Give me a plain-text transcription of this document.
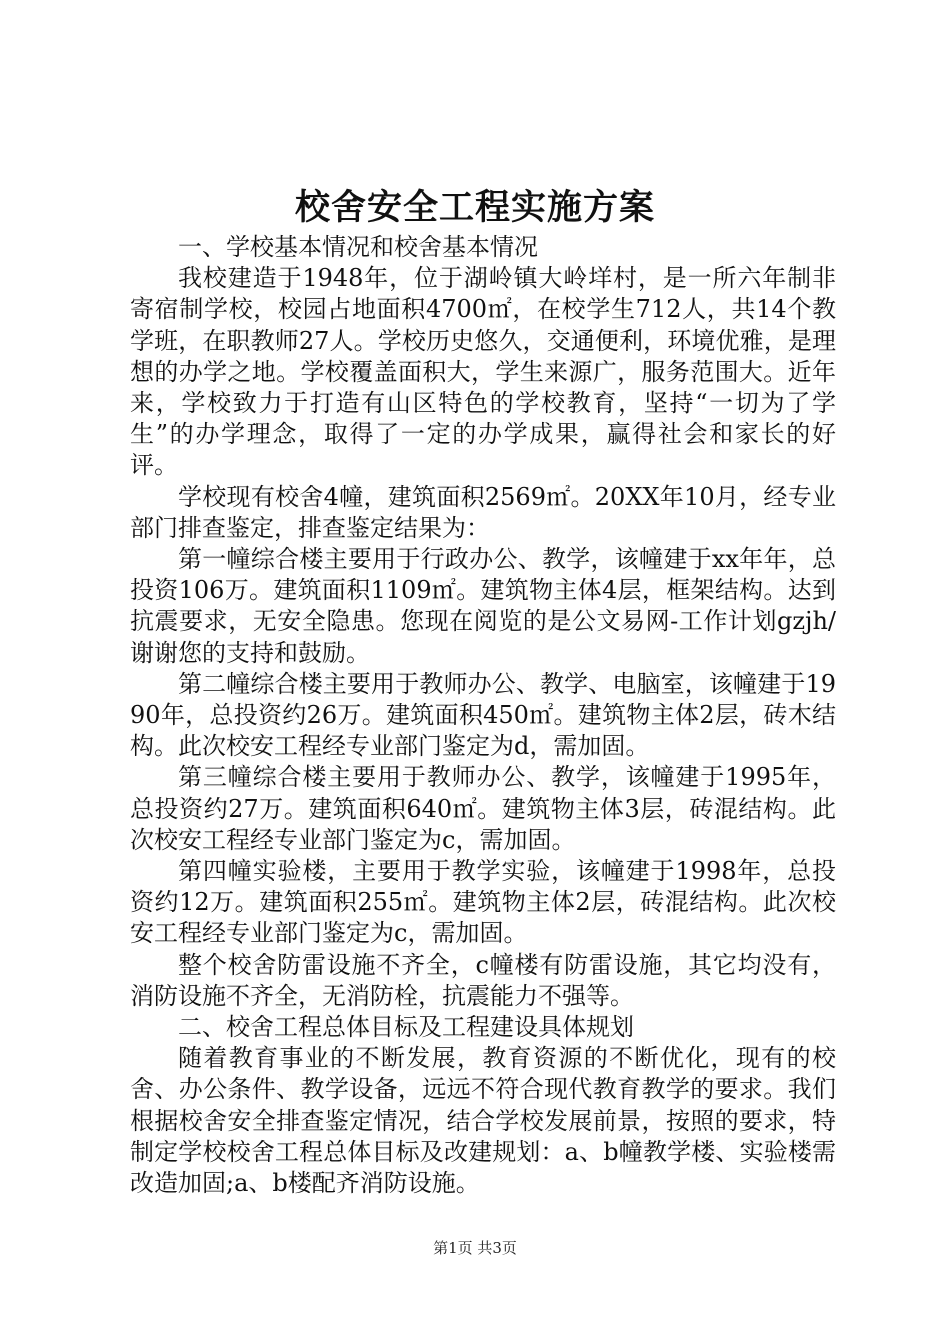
校舍安全工程实施方案

一、学校基本情况和校舍基本情况

我校建造于1948年，位于湖岭镇大岭垟村，是一所六年制非寄宿制学校，校园占地面积4700㎡，在校学生712人，共14个教学班，在职教师27人。学校历史悠久，交通便利，环境优雅，是理想的办学之地。学校覆盖面积大，学生来源广，服务范围大。近年来，学校致力于打造有山区特色的学校教育，坚持“一切为了学生”的办学理念，取得了一定的办学成果，赢得社会和家长的好评。

学校现有校舍4幢，建筑面积2569㎡。20XX年10月，经专业部门排查鉴定，排查鉴定结果为：

第一幢综合楼主要用于行政办公、教学，该幢建于xx年年，总投资106万。建筑面积1109㎡。建筑物主体4层，框架结构。达到抗震要求，无安全隐患。您现在阅览的是公文易网-工作计划gzjh/谢谢您的支持和鼓励。

第二幢综合楼主要用于教师办公、教学、电脑室，该幢建于1990年，总投资约26万。建筑面积450㎡。建筑物主体2层，砖木结构。此次校安工程经专业部门鉴定为d，需加固。

第三幢综合楼主要用于教师办公、教学，该幢建于1995年，总投资约27万。建筑面积640㎡。建筑物主体3层，砖混结构。此次校安工程经专业部门鉴定为c，需加固。

第四幢实验楼，主要用于教学实验，该幢建于1998年，总投资约12万。建筑面积255㎡。建筑物主体2层，砖混结构。此次校安工程经专业部门鉴定为c，需加固。

整个校舍防雷设施不齐全，c幢楼有防雷设施，其它均没有，消防设施不齐全，无消防栓，抗震能力不强等。

二、校舍工程总体目标及工程建设具体规划

随着教育事业的不断发展，教育资源的不断优化，现有的校舍、办公条件、教学设备，远远不符合现代教育教学的要求。我们根据校舍安全排查鉴定情况，结合学校发展前景，按照的要求，特制定学校校舍工程总体目标及改建规划：a、b幢教学楼、实验楼需改造加固;a、b楼配齐消防设施。

第1页 共3页
